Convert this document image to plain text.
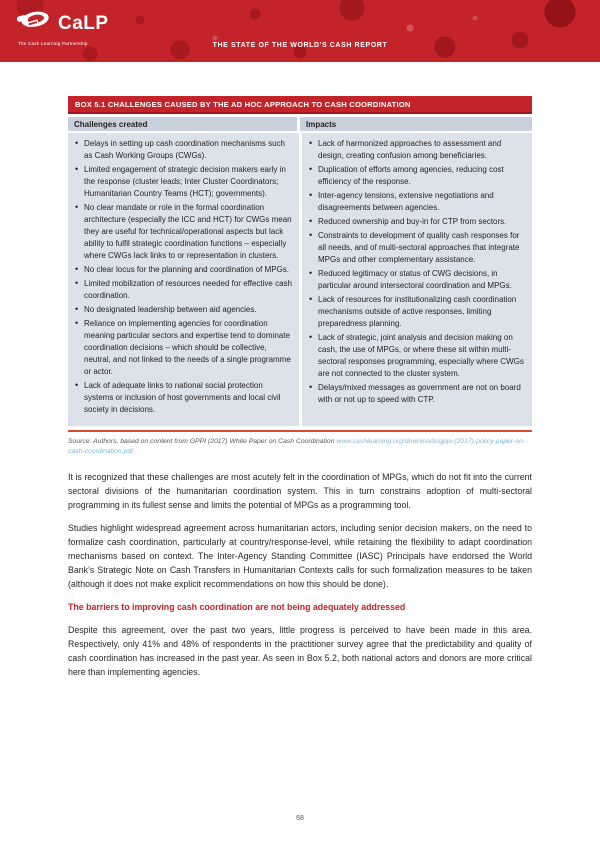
CaLP
The Cash Learning Partnership	THE STATE OF THE WORLD'S CASH REPORT
BOX 5.1 CHALLENGES CAUSED BY THE AD HOC APPROACH TO CASH COORDINATION
Challenges created	Impacts
• Delays in setting up cash coordination mechanisms such as Cash Working Groups (CWGs).
• Limited engagement of strategic decision makers early in the response (cluster leads; Inter Cluster Coordinators; Humanitarian Country Teams (HCT); governments).
• No clear mandate or role in the formal coordination architecture (especially the ICC and HCT) for CWGs mean they are useful for technical/operational aspects but lack ability to fulfil strategic coordination functions – especially where CWGs lack links to or representation in clusters.
• No clear locus for the planning and coordination of MPGs.
• Limited mobilization of resources needed for effective cash coordination.
• No designated leadership between aid agencies.
• Reliance on implementing agencies for coordination meaning particular sectors and expertise tend to dominate coordination decisions – which should be collective, neutral, and not linked to the needs of a single programme or actor.
• Lack of adequate links to national social protection systems or inclusion of host governments and local civil society in decisions.
• Lack of harmonized approaches to assessment and design, creating confusion among beneficiaries.
• Duplication of efforts among agencies, reducing cost efficiency of the response.
• Inter-agency tensions, extensive negotiations and disagreements between agencies.
• Reduced ownership and buy-in for CTP from sectors.
• Constraints to development of quality cash responses for all needs, and of multi-sectoral approaches that integrate MPGs and other complementary assistance.
• Reduced legitimacy or status of CWG decisions, in particular around intersectoral coordination and MPGs.
• Lack of resources for institutionalizing cash coordination mechanisms outside of active responses, limiting preparedness planning.
• Lack of strategic, joint analysis and decision making on cash, the use of MPGs, or where these sit within multi-sectoral responses programming, especially where CWGs are not connected to the cluster system.
• Delays/mixed messages as government are not on board with or not up to speed with CTP.
Source: Authors, based on content from GPPI (2017) White Paper on Cash Coordination www.cashlearning.org/downloads/gppi-(2017)-policy-paper-on-cash-coordination.pdf

It is recognized that these challenges are most acutely felt in the coordination of MPGs, which do not fit into the current sectoral divisions of the humanitarian coordination system. This in turn constrains adoption of multi-sectoral programming in its fullest sense and limits the potential of MPGs as a programming tool.

Studies highlight widespread agreement across humanitarian actors, including senior decision makers, on the need to formalize cash coordination, particularly at country/response-level, while retaining the flexibility to adapt coordination mechanisms based on context. The Inter-Agency Standing Committee (IASC) Principals have endorsed the World Bank’s Strategic Note on Cash Transfers in Humanitarian Contexts calls for such formalization measures to be taken (although it does not make explicit recommendations on how this should be done).

The barriers to improving cash coordination are not being adequately addressed

Despite this agreement, over the past two years, little progress is perceived to have been made in this area. Respectively, only 41% and 48% of respondents in the practitioner survey agree that the predictability and quality of cash coordination has increased in the past year. As seen in Box 5.2, both national actors and donors are more critical here than implementing agencies.

68
